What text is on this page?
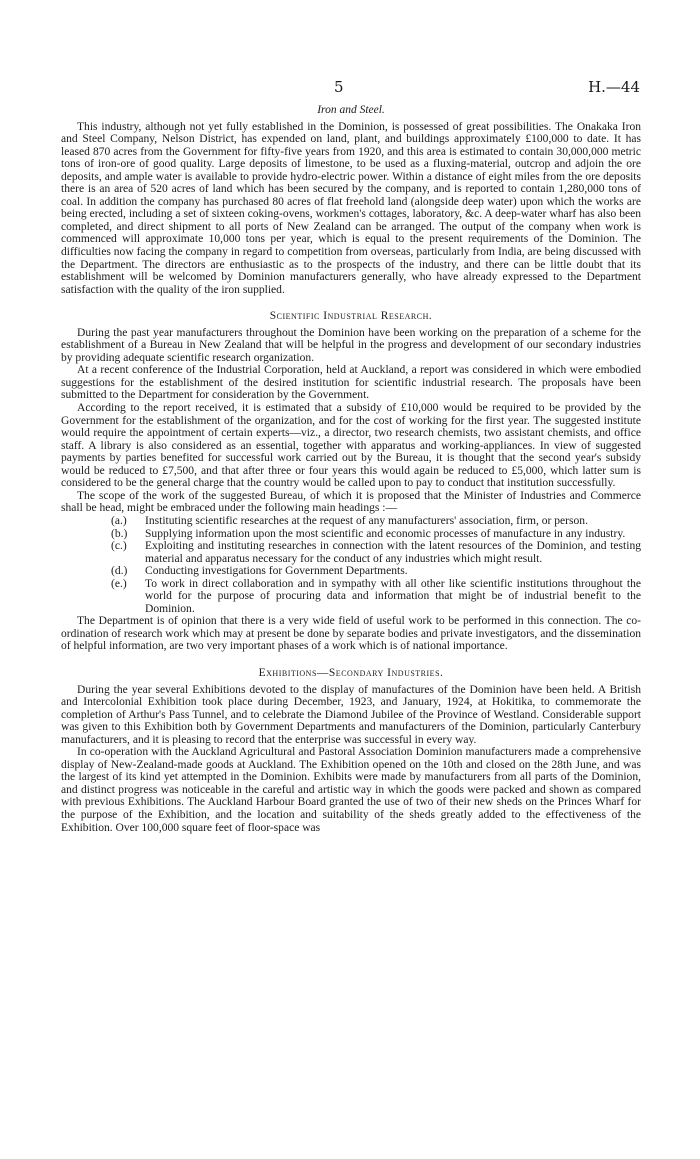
5	H.—44
Iron and Steel.

This industry, although not yet fully established in the Dominion, is possessed of great possibilities. The Onakaka Iron and Steel Company, Nelson District, has expended on land, plant, and buildings approximately £100,000 to date. It has leased 870 acres from the Government for fifty-five years from 1920, and this area is estimated to contain 30,000,000 metric tons of iron-ore of good quality. Large deposits of limestone, to be used as a fluxing-material, outcrop and adjoin the ore deposits, and ample water is available to provide hydro-electric power. Within a distance of eight miles from the ore deposits there is an area of 520 acres of land which has been secured by the company, and is reported to contain 1,280,000 tons of coal. In addition the company has purchased 80 acres of flat freehold land (alongside deep water) upon which the works are being erected, including a set of sixteen coking-ovens, workmen's cottages, laboratory, &c. A deep-water wharf has also been completed, and direct shipment to all ports of New Zealand can be arranged. The output of the company when work is commenced will approximate 10,000 tons per year, which is equal to the present requirements of the Dominion. The difficulties now facing the company in regard to competition from overseas, particularly from India, are being discussed with the Department. The directors are enthusiastic as to the prospects of the industry, and there can be little doubt that its establishment will be welcomed by Dominion manufacturers generally, who have already expressed to the Department satisfaction with the quality of the iron supplied.

Scientific Industrial Research.

During the past year manufacturers throughout the Dominion have been working on the preparation of a scheme for the establishment of a Bureau in New Zealand that will be helpful in the progress and development of our secondary industries by providing adequate scientific research organization.

At a recent conference of the Industrial Corporation, held at Auckland, a report was considered in which were embodied suggestions for the establishment of the desired institution for scientific industrial research. The proposals have been submitted to the Department for consideration by the Government.

According to the report received, it is estimated that a subsidy of £10,000 would be required to be provided by the Government for the establishment of the organization, and for the cost of working for the first year. The suggested institute would require the appointment of certain experts—viz., a director, two research chemists, two assistant chemists, and office staff. A library is also considered as an essential, together with apparatus and working-appliances. In view of suggested payments by parties benefited for successful work carried out by the Bureau, it is thought that the second year's subsidy would be reduced to £7,500, and that after three or four years this would again be reduced to £5,000, which latter sum is considered to be the general charge that the country would be called upon to pay to conduct that institution successfully.

The scope of the work of the suggested Bureau, of which it is proposed that the Minister of Industries and Commerce shall be head, might be embraced under the following main headings :—

(a.) Instituting scientific researches at the request of any manufacturers' association, firm, or person.
(b.) Supplying information upon the most scientific and economic processes of manufacture in any industry.
(c.) Exploiting and instituting researches in connection with the latent resources of the Dominion, and testing material and apparatus necessary for the conduct of any industries which might result.
(d.) Conducting investigations for Government Departments.
(e.) To work in direct collaboration and in sympathy with all other like scientific institutions throughout the world for the purpose of procuring data and information that might be of industrial benefit to the Dominion.

The Department is of opinion that there is a very wide field of useful work to be performed in this connection. The co-ordination of research work which may at present be done by separate bodies and private investigators, and the dissemination of helpful information, are two very important phases of a work which is of national importance.

Exhibitions—Secondary Industries.

During the year several Exhibitions devoted to the display of manufactures of the Dominion have been held. A British and Intercolonial Exhibition took place during December, 1923, and January, 1924, at Hokitika, to commemorate the completion of Arthur's Pass Tunnel, and to celebrate the Diamond Jubilee of the Province of Westland. Considerable support was given to this Exhibition both by Government Departments and manufacturers of the Dominion, particularly Canterbury manufacturers, and it is pleasing to record that the enterprise was successful in every way.

In co-operation with the Auckland Agricultural and Pastoral Association Dominion manufacturers made a comprehensive display of New-Zealand-made goods at Auckland. The Exhibition opened on the 10th and closed on the 28th June, and was the largest of its kind yet attempted in the Dominion. Exhibits were made by manufacturers from all parts of the Dominion, and distinct progress was noticeable in the careful and artistic way in which the goods were packed and shown as compared with previous Exhibitions. The Auckland Harbour Board granted the use of two of their new sheds on the Princes Wharf for the purpose of the Exhibition, and the location and suitability of the sheds greatly added to the effectiveness of the Exhibition. Over 100,000 square feet of floor-space was
